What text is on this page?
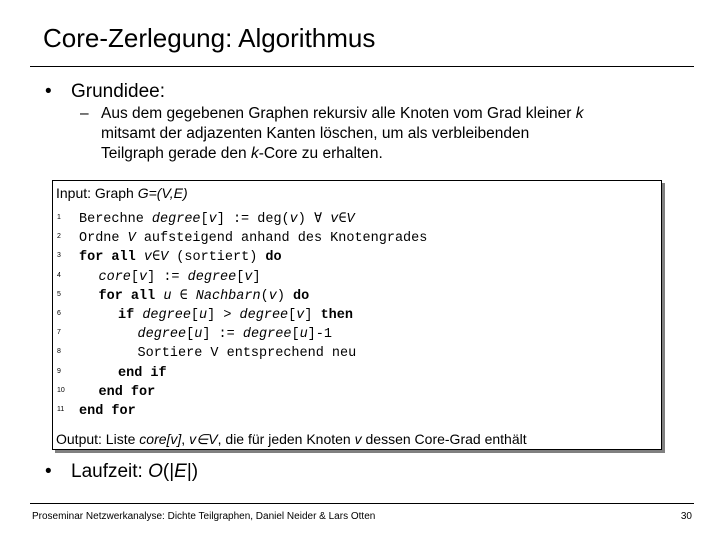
Core-Zerlegung: Algorithmus
• Grundidee:
– Aus dem gegebenen Graphen rekursiv alle Knoten vom Grad kleiner k
mitsamt der adjazenten Kanten löschen, um als verbleibenden
Teilgraph gerade den k-Core zu erhalten.
Input: Graph G=(V,E)
1 Berechne degree[v] := deg(v) ∀ v∈V
2 Ordne V aufsteigend anhand des Knotengrades
3 for all v∈V (sortiert) do
4	core[v] := degree[v]
5	for all u ∈ Nachbarn(v) do
6	if degree[u] > degree[v] then
7	degree[u] := degree[u]-1
8	Sortiere V entsprechend neu
9	end if
10 end for
11 end for
Output: Liste core[v], v∈V, die für jeden Knoten v dessen Core-Grad enthält
• Laufzeit: O(|E|)
Proseminar Netzwerkanalyse: Dichte Teilgraphen, Daniel Neider & Lars Otten	30
